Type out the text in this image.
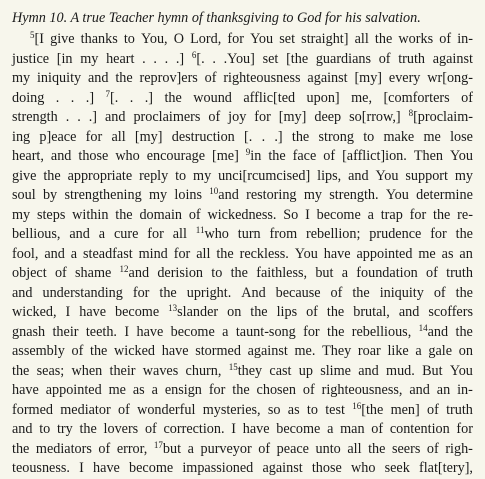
Hymn 10. A true Teacher hymn of thanksgiving to God for his salvation.
$^5$[I give thanks to You, O Lord, for You set straight] all the works of in-
justice [in my heart . . . .] $^6$[. . .You] set [the guardians of truth against
my iniquity and the reprov]ers of righteousness against [my] every wr[ong-
doing . . .] $^7$[. . .] the wound afflic[ted upon] me, [comforters of
strength . . .] and proclaimers of joy for [my] deep so[rrow,] $^8$[proclaim-
ing p]eace for all [my] destruction [. . .] the strong to make me lose
heart, and those who encourage [me] $^9$in the face of [afflict]ion. Then You
give the appropriate reply to my unci[rcumcised] lips, and You support my
soul by strengthening my loins $^{10}$and restoring my strength. You determine
my steps within the domain of wickedness. So I become a trap for the re-
bellious, and a cure for all $^{11}$who turn from rebellion; prudence for the
fool, and a steadfast mind for all the reckless. You have appointed me as an
object of shame $^{12}$and derision to the faithless, but a foundation of truth
and understanding for the upright. And because of the iniquity of the
wicked, I have become $^{13}$slander on the lips of the brutal, and scoffers
gnash their teeth. I have become a taunt-song for the rebellious, $^{14}$and the
assembly of the wicked have stormed against me. They roar like a gale on
the seas; when their waves churn, $^{15}$they cast up slime and mud. But You
have appointed me as a ensign for the chosen of righteousness, and an in-
formed mediator of wonderful mysteries, so as to test $^{16}$[the men] of truth
and to try the lovers of correction. I have become a man of contention for
the mediators of error, $^{17}$but a purveyor of peace unto all the seers of righ-
teousness. I have become impassioned against those who seek flat[tery],
